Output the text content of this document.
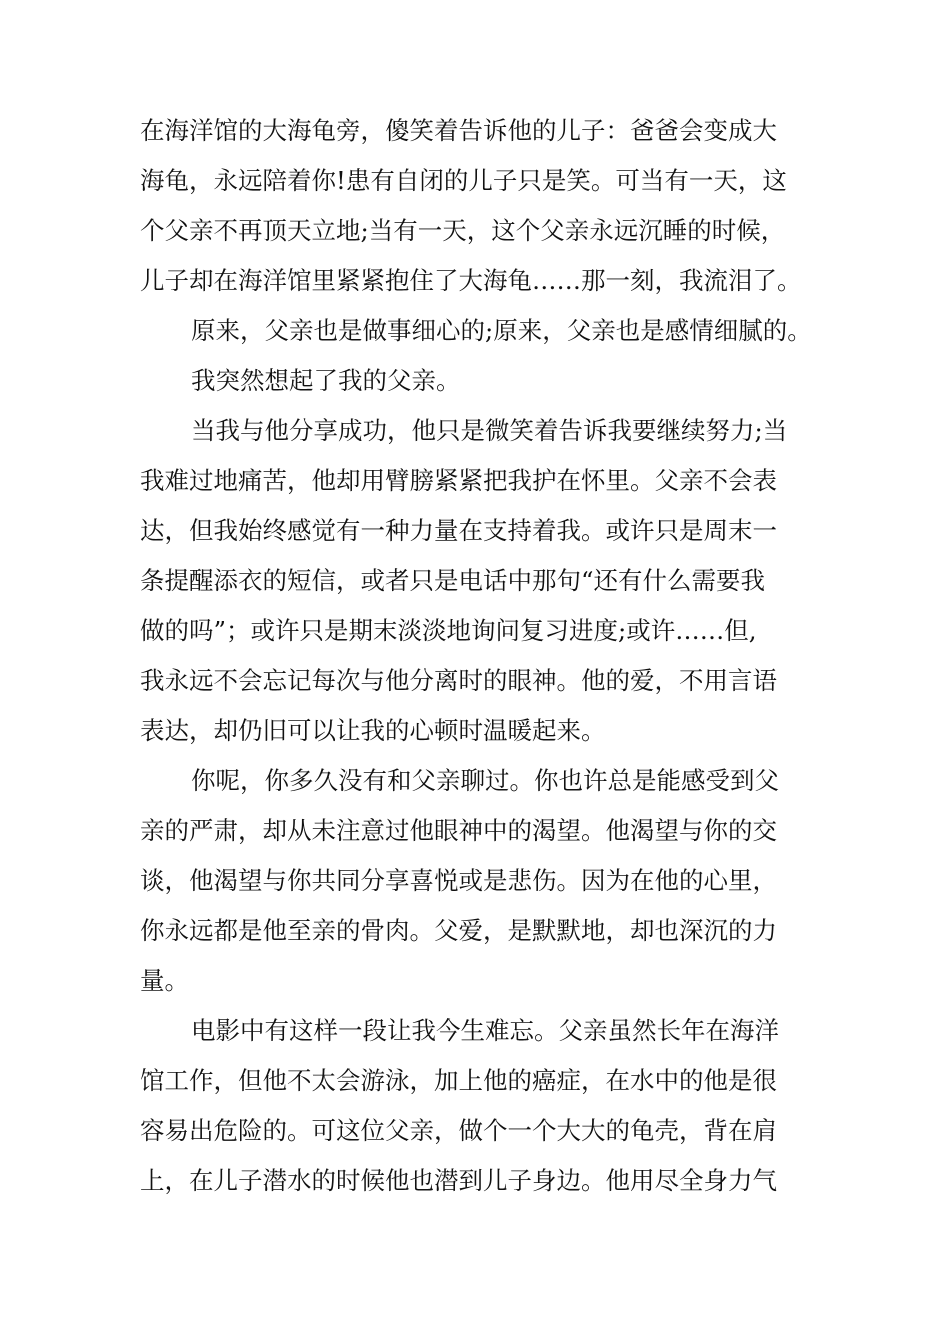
在海洋馆的大海龟旁，傻笑着告诉他的儿子：爸爸会变成大
海龟，永远陪着你!患有自闭的儿子只是笑。可当有一天，这
个父亲不再顶天立地;当有一天，这个父亲永远沉睡的时候，
儿子却在海洋馆里紧紧抱住了大海龟……那一刻，我流泪了。
原来，父亲也是做事细心的;原来，父亲也是感情细腻的。
我突然想起了我的父亲。
当我与他分享成功，他只是微笑着告诉我要继续努力;当
我难过地痛苦，他却用臂膀紧紧把我护在怀里。父亲不会表
达，但我始终感觉有一种力量在支持着我。或许只是周末一
条提醒添衣的短信，或者只是电话中那句“还有什么需要我
做的吗”；或许只是期末淡淡地询问复习进度;或许……但,
我永远不会忘记每次与他分离时的眼神。他的爱，不用言语
表达，却仍旧可以让我的心顿时温暖起来。
你呢，你多久没有和父亲聊过。你也许总是能感受到父
亲的严肃，却从未注意过他眼神中的渴望。他渴望与你的交
谈，他渴望与你共同分享喜悦或是悲伤。因为在他的心里，
你永远都是他至亲的骨肉。父爱，是默默地，却也深沉的力
量。
电影中有这样一段让我今生难忘。父亲虽然长年在海洋
馆工作，但他不太会游泳，加上他的癌症，在水中的他是很
容易出危险的。可这位父亲，做个一个大大的龟壳，背在肩
上，在儿子潜水的时候他也潜到儿子身边。他用尽全身力气
